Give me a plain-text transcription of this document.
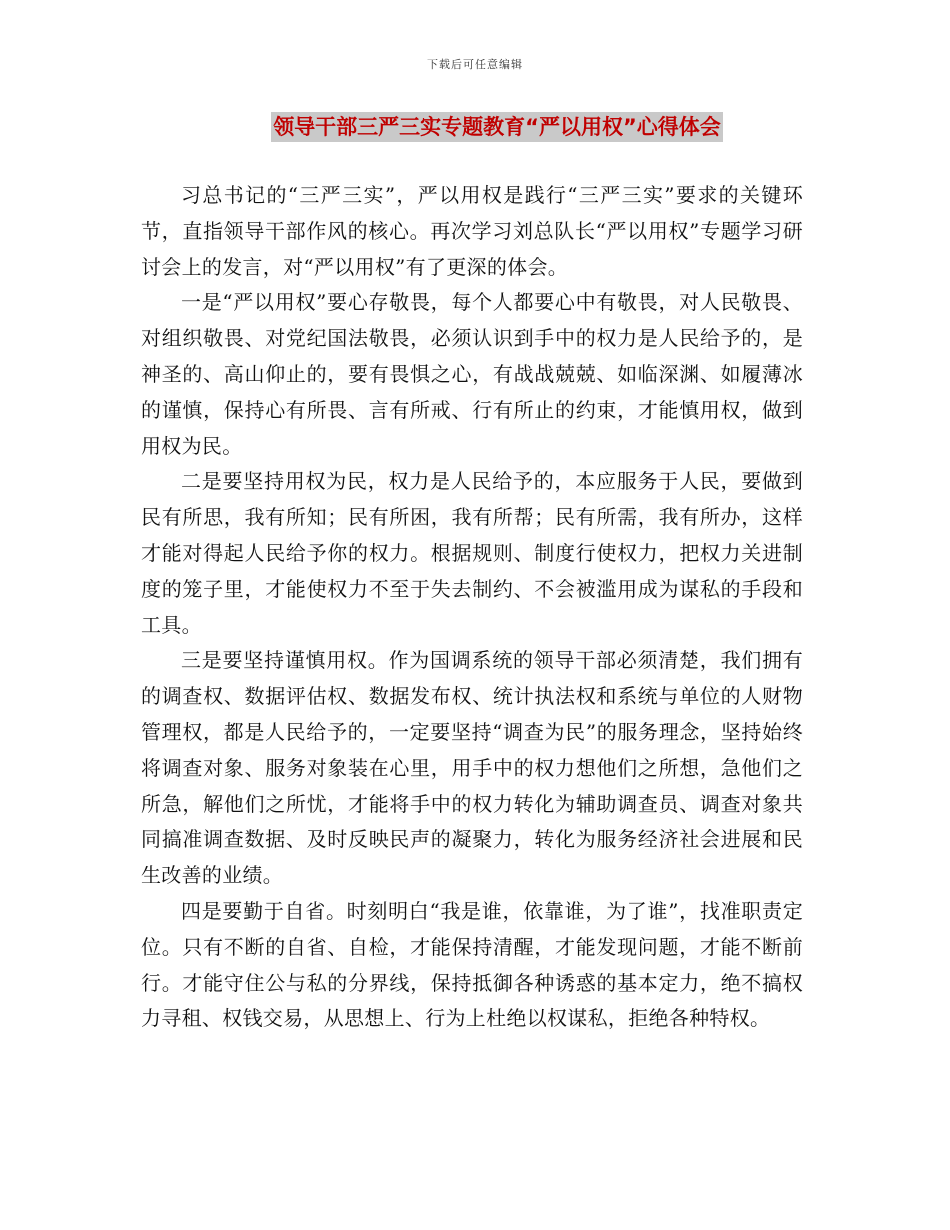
下载后可任意编辑
领导干部三严三实专题教育“严以用权”心得体会

习总书记的“三严三实”，严以用权是践行“三严三实”要求的关键环节，直指领导干部作风的核心。再次学习刘总队长“严以用权”专题学习研讨会上的发言，对“严以用权”有了更深的体会。

一是“严以用权”要心存敬畏，每个人都要心中有敬畏，对人民敬畏、对组织敬畏、对党纪国法敬畏，必须认识到手中的权力是人民给予的，是神圣的、高山仰止的，要有畏惧之心，有战战兢兢、如临深渊、如履薄冰的谨慎，保持心有所畏、言有所戒、行有所止的约束，才能慎用权，做到用权为民。

二是要坚持用权为民，权力是人民给予的，本应服务于人民，要做到民有所思，我有所知；民有所困，我有所帮；民有所需，我有所办，这样才能对得起人民给予你的权力。根据规则、制度行使权力，把权力关进制度的笼子里，才能使权力不至于失去制约、不会被滥用成为谋私的手段和工具。

三是要坚持谨慎用权。作为国调系统的领导干部必须清楚，我们拥有的调查权、数据评估权、数据发布权、统计执法权和系统与单位的人财物管理权，都是人民给予的，一定要坚持“调查为民”的服务理念，坚持始终将调查对象、服务对象装在心里，用手中的权力想他们之所想，急他们之所急，解他们之所忧，才能将手中的权力转化为辅助调查员、调查对象共同搞准调查数据、及时反映民声的凝聚力，转化为服务经济社会进展和民生改善的业绩。

四是要勤于自省。时刻明白“我是谁，依靠谁，为了谁”，找准职责定位。只有不断的自省、自检，才能保持清醒，才能发现问题，才能不断前行。才能守住公与私的分界线，保持抵御各种诱惑的基本定力，绝不搞权力寻租、权钱交易，从思想上、行为上杜绝以权谋私，拒绝各种特权。
